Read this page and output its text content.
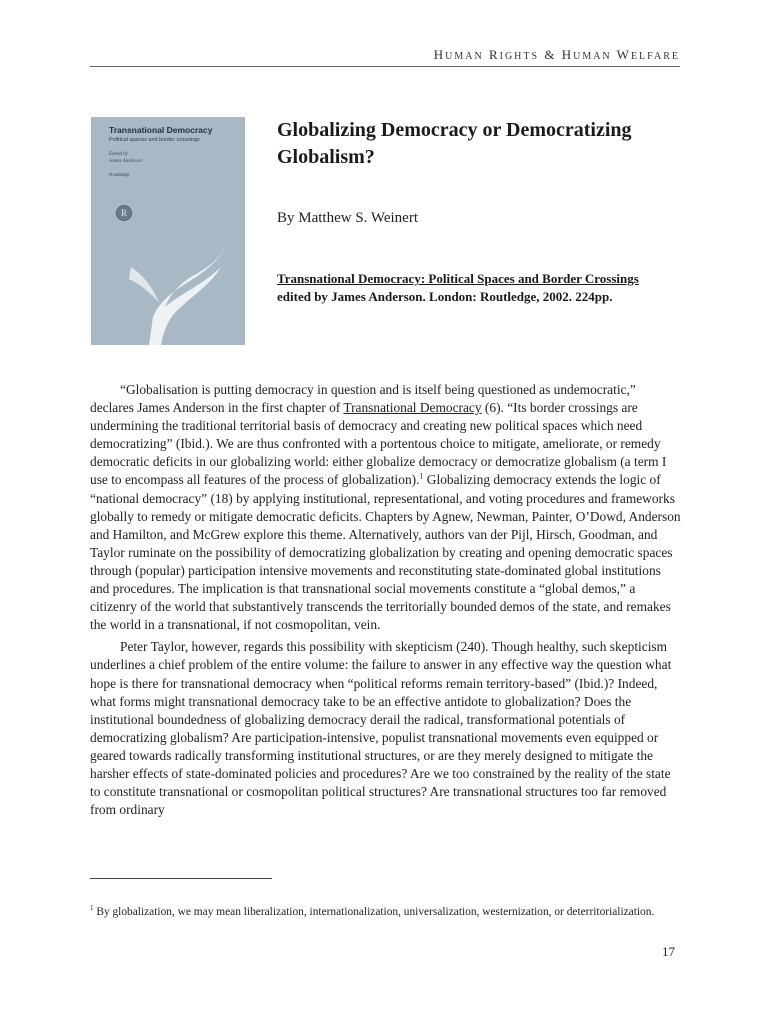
HUMAN RIGHTS & HUMAN WELFARE
Transnational Democracy
Political spaces and border crossings
Edited by
James Anderson
Routledge
R
Globalizing Democracy or Democratizing Globalism?
By Matthew S. Weinert
Transnational Democracy: Political Spaces and Border Crossings edited by James Anderson. London: Routledge, 2002. 224pp.

“Globalisation is putting democracy in question and is itself being questioned as undemocratic,” declares James Anderson in the first chapter of Transnational Democracy (6). “Its border crossings are undermining the traditional territorial basis of democracy and creating new political spaces which need democratizing” (Ibid.). We are thus confronted with a portentous choice to mitigate, ameliorate, or remedy democratic deficits in our globalizing world: either globalize democracy or democratize globalism (a term I use to encompass all features of the process of globalization).$^1$ Globalizing democracy extends the logic of “national democracy” (18) by applying institutional, representational, and voting procedures and frameworks globally to remedy or mitigate democratic deficits. Chapters by Agnew, Newman, Painter, O’Dowd, Anderson and Hamilton, and McGrew explore this theme. Alternatively, authors van der Pijl, Hirsch, Goodman, and Taylor ruminate on the possibility of democratizing globalization by creating and opening democratic spaces through (popular) participation intensive movements and reconstituting state-dominated global institutions and procedures. The implication is that transnational social movements constitute a “global demos,” a citizenry of the world that substantively transcends the territorially bounded demos of the state, and remakes the world in a transnational, if not cosmopolitan, vein.

Peter Taylor, however, regards this possibility with skepticism (240). Though healthy, such skepticism underlines a chief problem of the entire volume: the failure to answer in any effective way the question what hope is there for transnational democracy when “political reforms remain territory-based” (Ibid.)? Indeed, what forms might transnational democracy take to be an effective antidote to globalization? Does the institutional boundedness of globalizing democracy derail the radical, transformational potentials of democratizing globalism? Are participation-intensive, populist transnational movements even equipped or geared towards radically transforming institutional structures, or are they merely designed to mitigate the harsher effects of state-dominated policies and procedures? Are we too constrained by the reality of the state to constitute transnational or cosmopolitan political structures? Are transnational structures too far removed from ordinary

$^1$ By globalization, we may mean liberalization, internationalization, universalization, westernization, or deterritorialization.
17
